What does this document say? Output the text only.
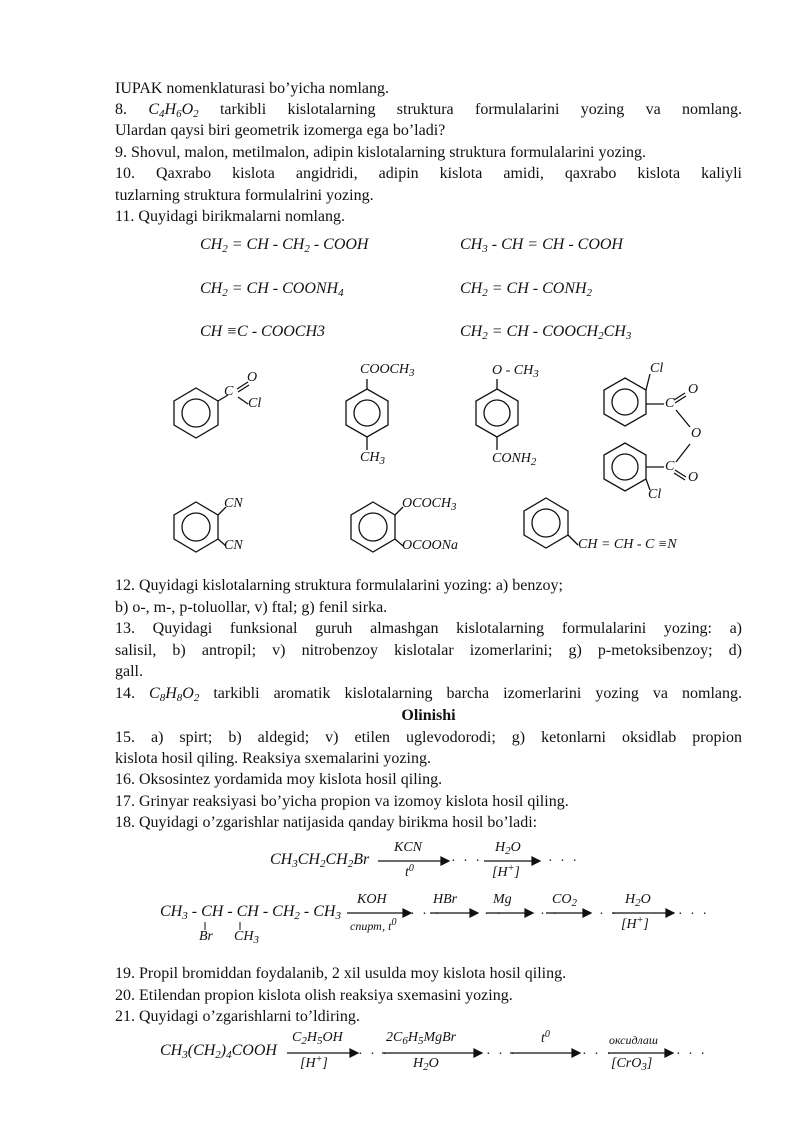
IUPAK nomenklaturasi bo’yicha nomlang.
8. $C_4H_6O_2$ tarkibli kislotalarning struktura formulalarini yozing va nomlang.
Ulardan qaysi biri geometrik izomerga ega bo’ladi?
9. Shovul, malon, metilmalon, adipin kislotalarning struktura formulalarini yozing.
10. Qaxrabo kislota angidridi, adipin kislota amidi, qaxrabo kislota kaliyli
tuzlarning struktura formulalrini yozing.
11. Quyidagi birikmalarni nomlang.
$CH_2$ = CH - $CH_2$ - COOH	$CH_3$ - CH = CH - COOH
$CH_2$ = CH - $COONH_4$	$CH_2$ = CH - $CONH_2$
CH ≡C - COOCH3	$CH_2$ = CH - $COOCH_2CH_3$
C
O
Cl
$COOCH_3$
$CH_3$
O - $CH_3$
$CONH_2$
Cl
C
O
O
C
O
Cl
CN
CN
$OCOCH_3$
OCOONa	CH = CH - C ≡N
12. Quyidagi kislotalarning struktura formulalarini yozing: a) benzoy;
b) o-, m-, p-toluollar, v) ftal; g) fenil sirka.
13. Quyidagi funksional guruh almashgan kislotalarning formulalarini yozing: a)
salisil, b) antropil; v) nitrobenzoy kislotalar izomerlarini; g) p-metoksibenzoy; d)
gall.
14. $C_8H_8O_2$ tarkibli aromatik kislotalarning barcha izomerlarini yozing va nomlang.
Olinishi
15. a) spirt; b) aldegid; v) etilen uglevodorodi; g) ketonlarni oksidlab propion
kislota hosil qiling. Reaksiya sxemalarini yozing.
16. Oksosintez yordamida moy kislota hosil qiling.
17. Grinyar reaksiyasi bo’yicha propion va izomoy kislota hosil qiling.
18. Quyidagi o’zgarishlar natijasida qanday birikma hosil bo’ladi:
$CH_3CH_2CH_2Br$
KCN
$t^0$	· · ·
$H_2O$
[H+]
· · ·
$CH_3$ - CH - CH - $CH_2 - CH_3$
Br $CH_3$
KOH
спирт, $t^0$
· · ·
HBr
· · ·
Mg
· · ·
$CO_2$
· · ·
$H_2O$
[H+]
· · ·
19. Propil bromiddan foydalanib, 2 xil usulda moy kislota hosil qiling.
20. Etilendan propion kislota olish reaksiya sxemasini yozing.
21. Quyidagi o’zgarishlarni to’ldiring.
$CH_3(CH_2)_4COOH$
$C_2H_5OH$
[H+]
· · ·
$2C_6H_5MgBr$
$H_2O$
· · ·
$t^0$
· · ·
оксидлаш
[CrO$_3$]
· · ·
